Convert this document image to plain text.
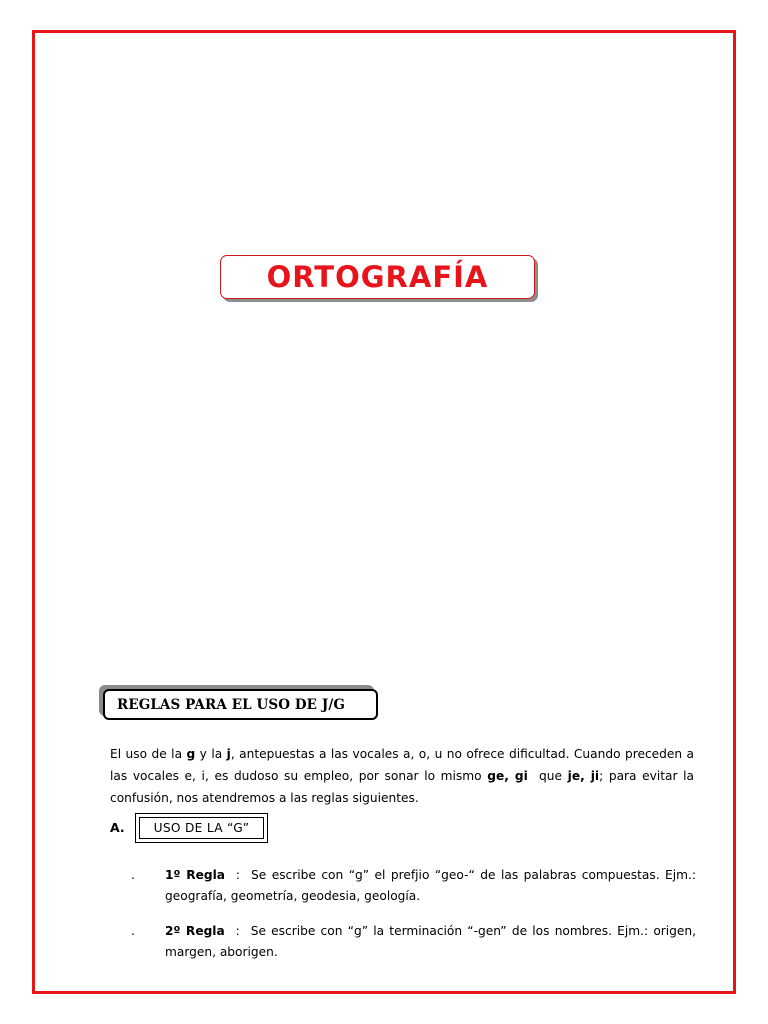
ORTOGRAFÍA
REGLAS PARA EL USO DE J/G
El uso de la g y la j, antepuestas a las vocales a, o, u no ofrece dificultad. Cuando preceden a las vocales e, i, es dudoso su empleo, por sonar lo mismo ge, gi  que je, ji; para evitar la confusión, nos atendremos a las reglas siguientes.
A. USO DE LA “G”
. 1º Regla : Se escribe con “g” el prefjio “geo-“ de las palabras compuestas. Ejm.: geografía, geometría, geodesia, geología.
. 2º Regla : Se escribe con “g” la terminación “-gen” de los nombres. Ejm.: origen, margen, aborigen.
